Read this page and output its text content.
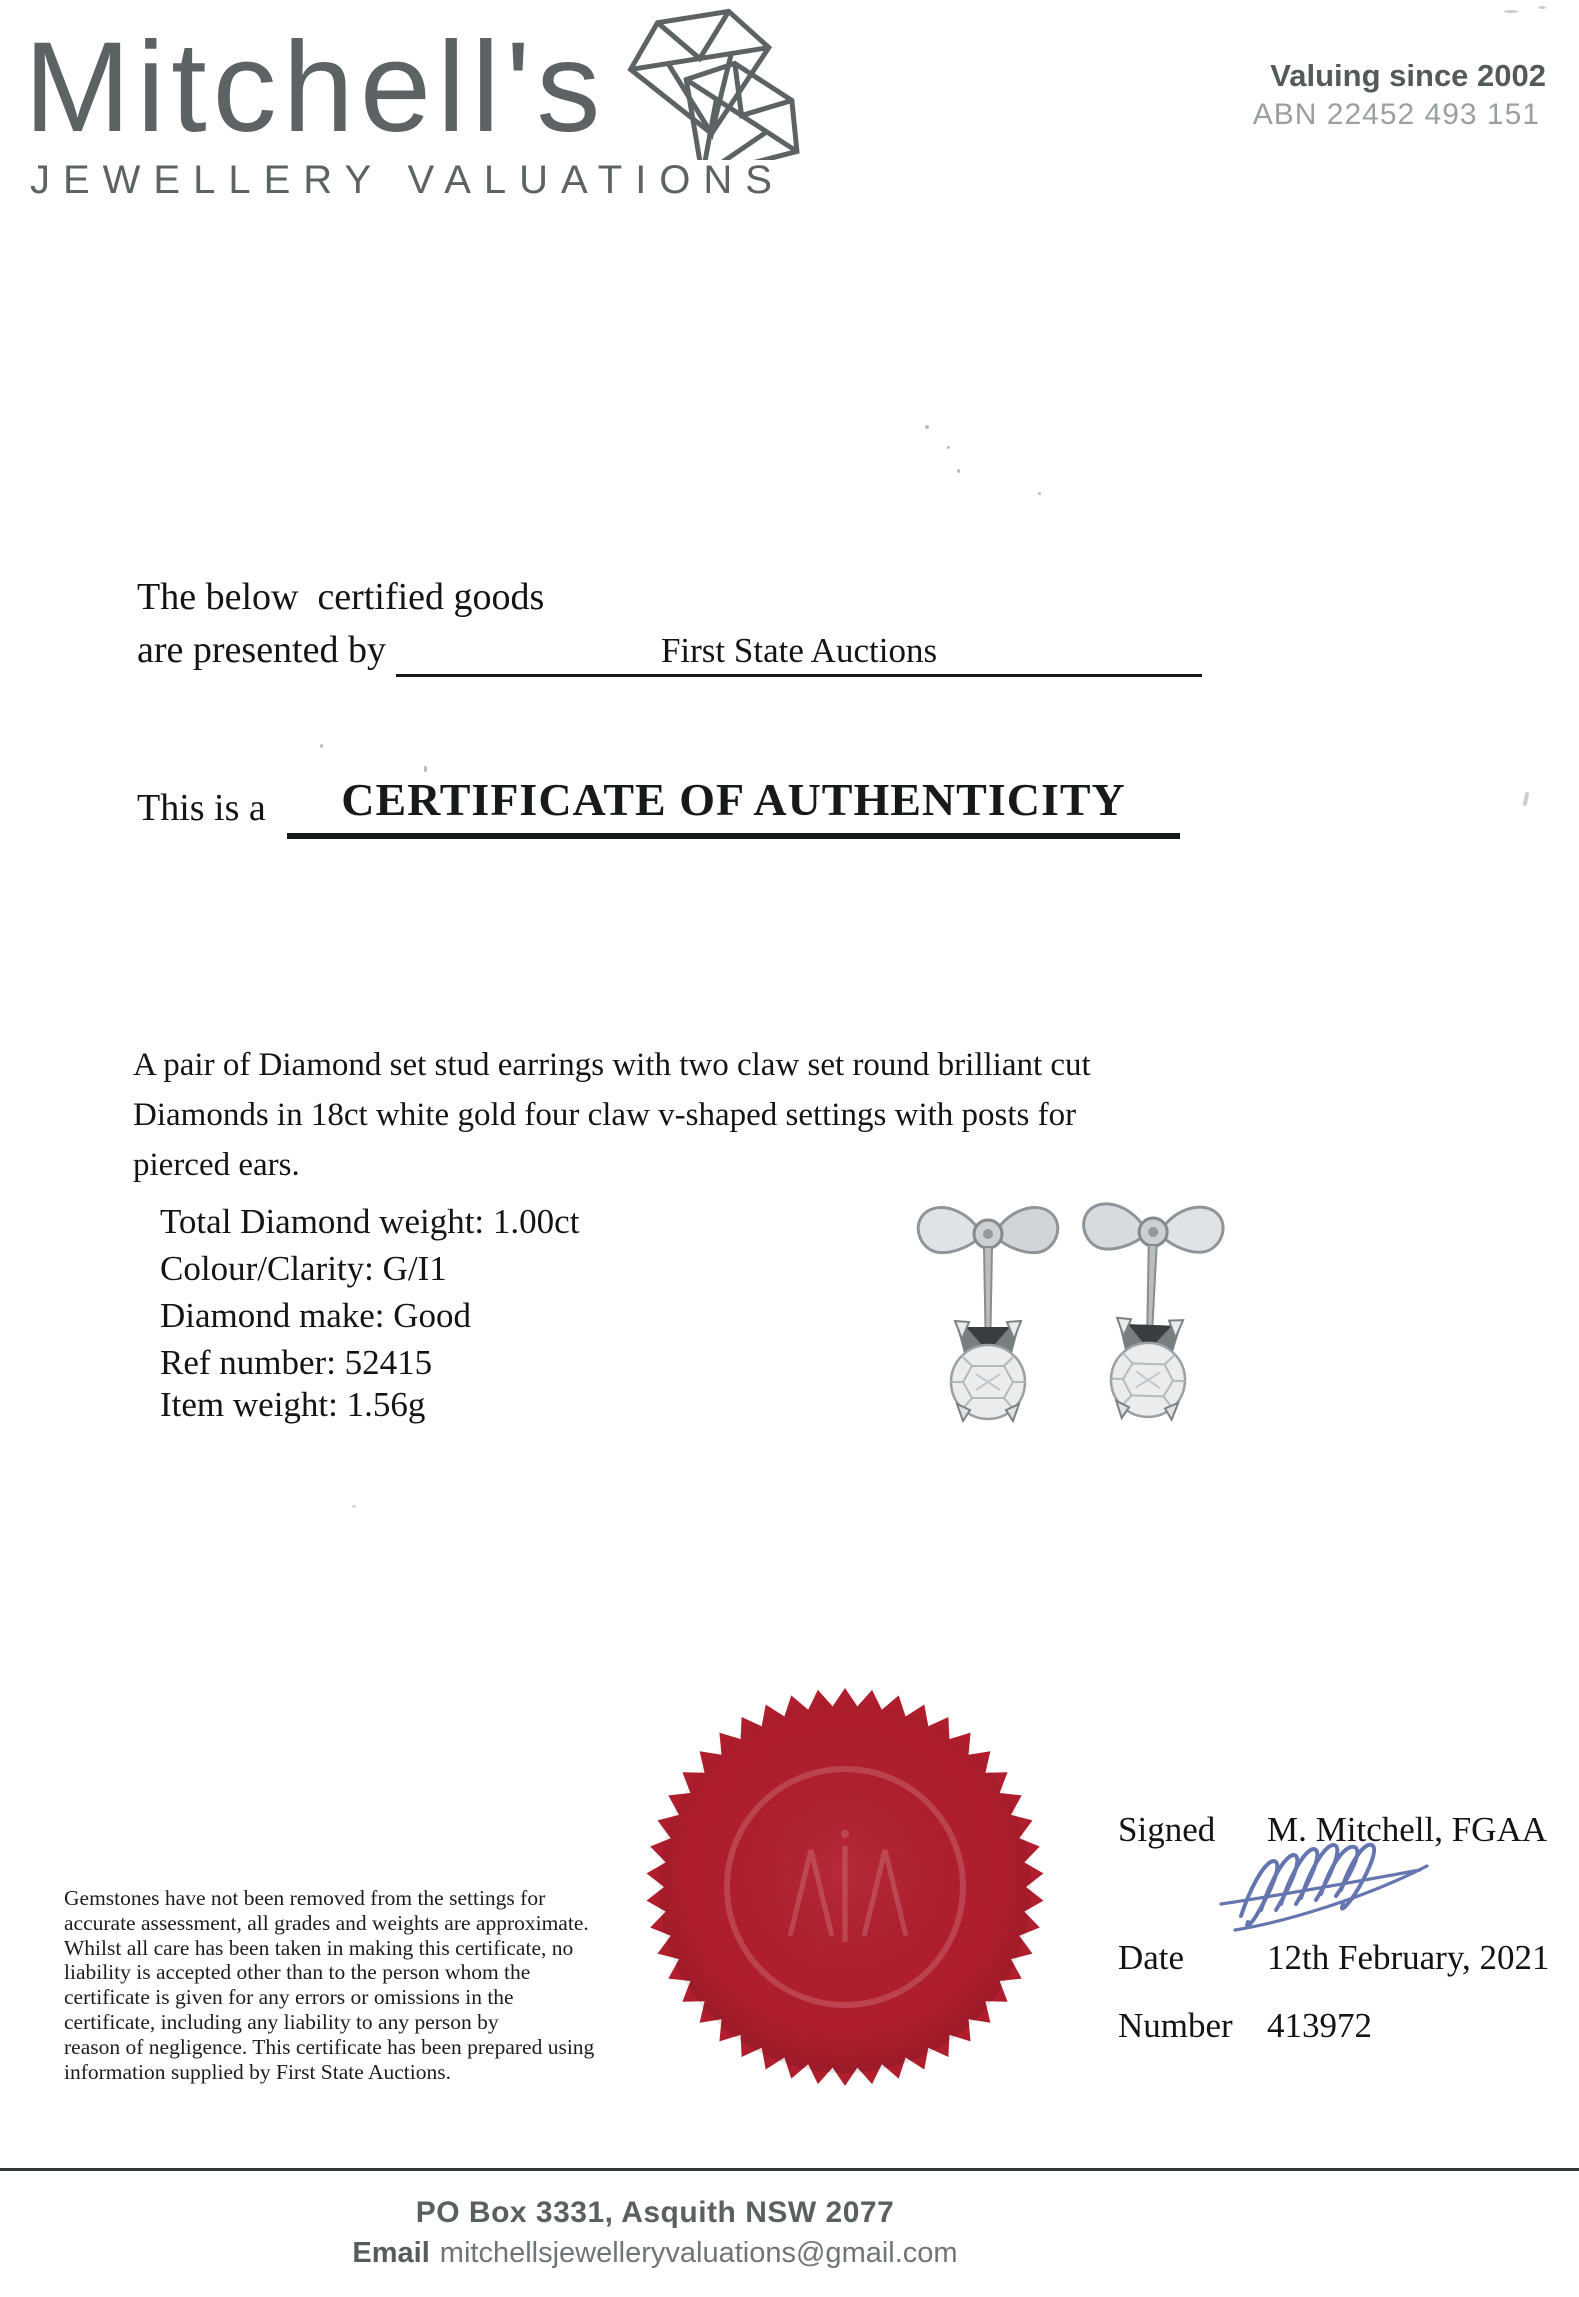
Mitchell's
JEWELLERY VALUATIONS
Valuing since 2002
ABN 22452 493 151
The below  certified goods
are presented by	First State Auctions
This is a	CERTIFICATE OF AUTHENTICITY
A pair of Diamond set stud earrings with two claw set round brilliant cut
Diamonds in 18ct white gold four claw v-shaped settings with posts for
pierced ears.
Total Diamond weight: 1.00ct
Colour/Clarity: G/I1
Diamond make: Good
Ref number: 52415
Item weight: 1.56g
Gemstones have not been removed from the settings for
accurate assessment, all grades and weights are approximate.
Whilst all care has been taken in making this certificate, no
liability is accepted other than to the person whom the
certificate is given for any errors or omissions in the
certificate, including any liability to any person by
reason of negligence. This certificate has been prepared using
information supplied by First State Auctions.
Signed M. Mitchell, FGAA
Date 12th February, 2021
Number 413972
PO Box 3331, Asquith NSW 2077
Email mitchellsjewelleryvaluations@gmail.com
